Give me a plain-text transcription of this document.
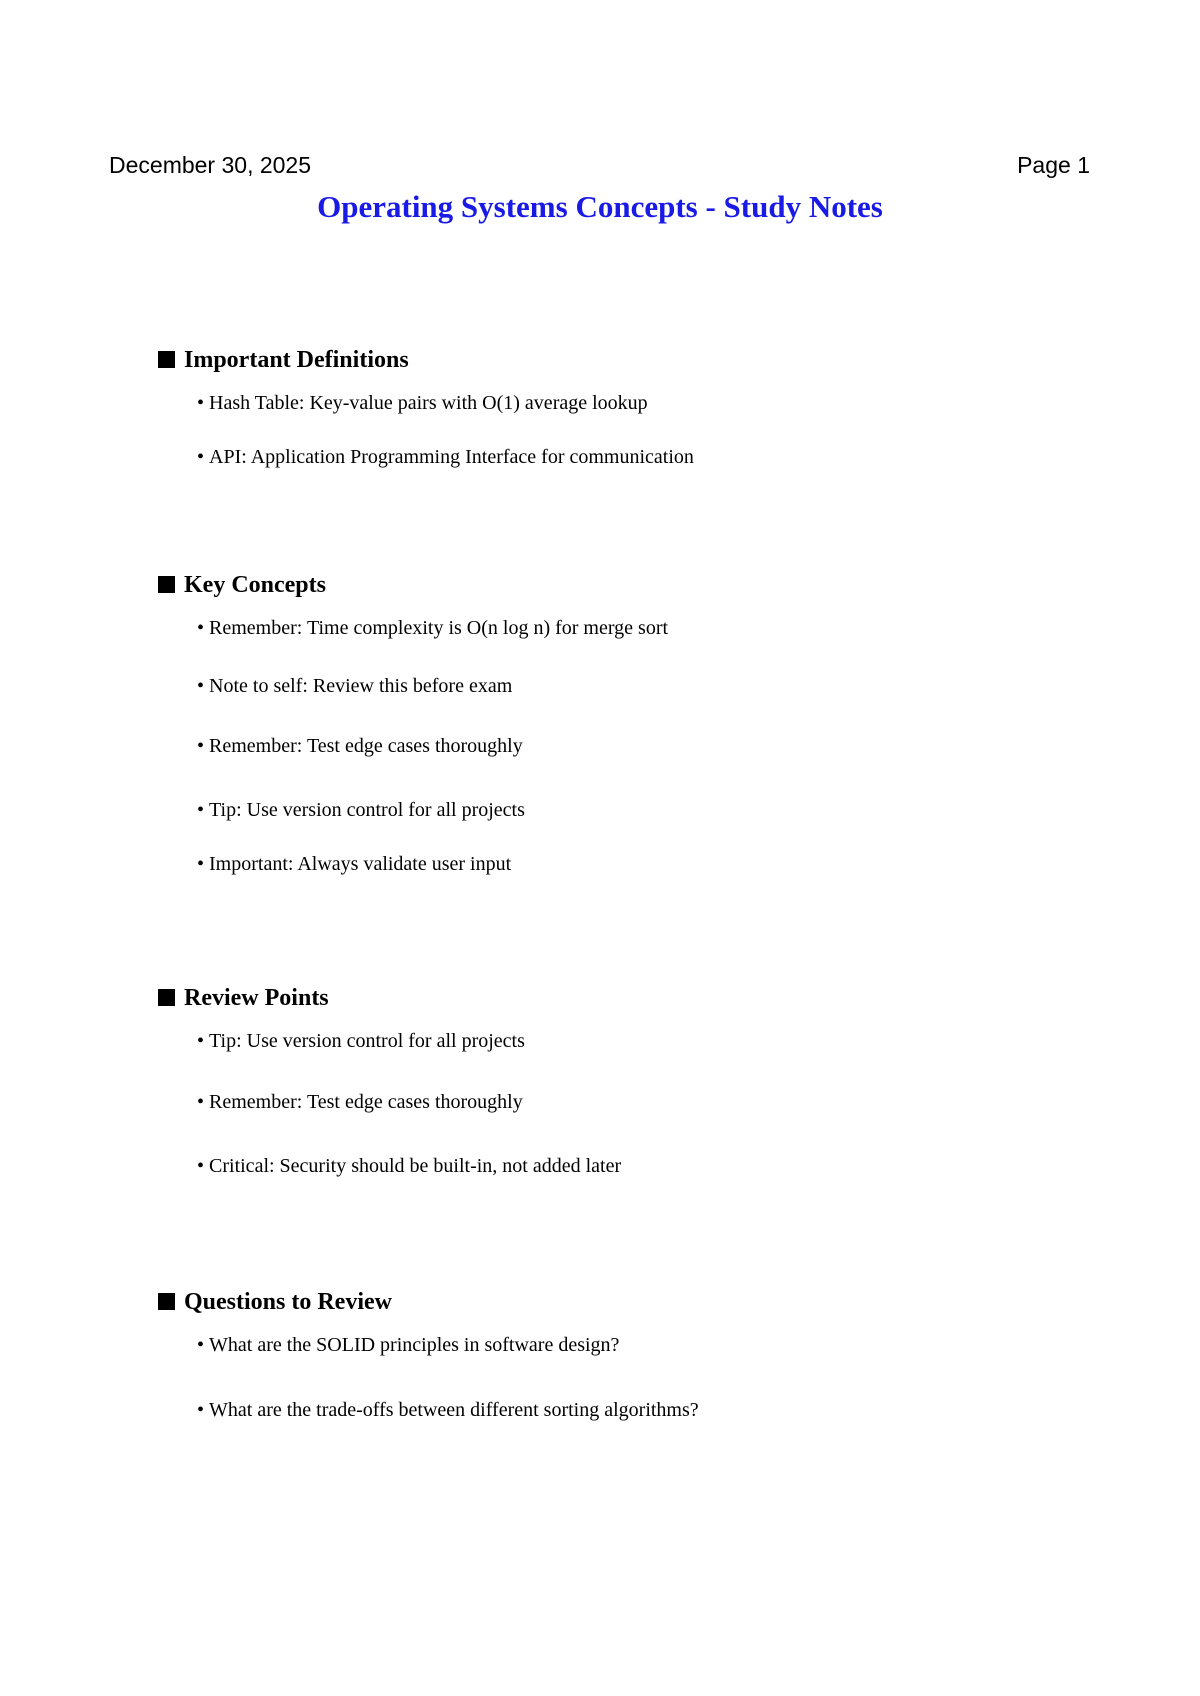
December 30, 2025	Page 1
Operating Systems Concepts - Study Notes
Important Definitions
• Hash Table: Key-value pairs with O(1) average lookup
• API: Application Programming Interface for communication
Key Concepts
• Remember: Time complexity is O(n log n) for merge sort
• Note to self: Review this before exam
• Remember: Test edge cases thoroughly
• Tip: Use version control for all projects
• Important: Always validate user input
Review Points
• Tip: Use version control for all projects
• Remember: Test edge cases thoroughly
• Critical: Security should be built-in, not added later
Questions to Review
• What are the SOLID principles in software design?
• What are the trade-offs between different sorting algorithms?
